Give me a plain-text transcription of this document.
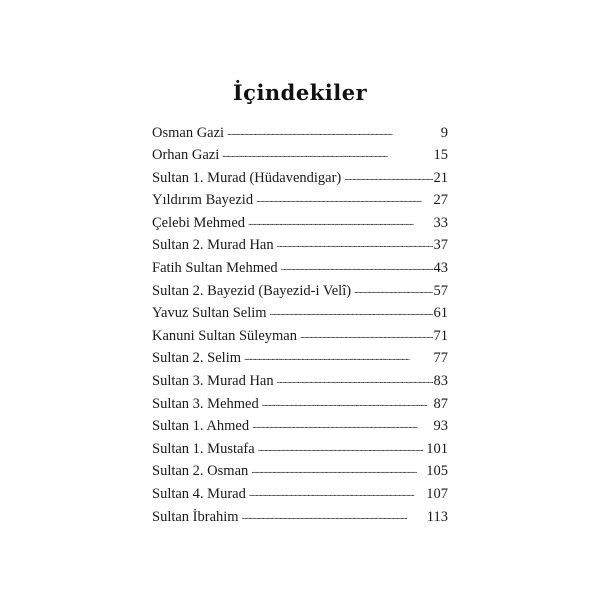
İçindekiler
Osman Gazi . . .	9
Orhan Gazi . . .	15
Sultan 1. Murad (Hüdavendigar) . . .	21
Yıldırım Bayezid . . .	27
Çelebi Mehmed . . .	33
Sultan 2. Murad Han . . .	37
Fatih Sultan Mehmed . . .	43
Sultan 2. Bayezid (Bayezid-i Velî) . . .	57
Yavuz Sultan Selim . . .	61
Kanuni Sultan Süleyman . . .	71
Sultan 2. Selim . . .	77
Sultan 3. Murad Han . . .	83
Sultan 3. Mehmed . . .	87
Sultan 1. Ahmed . . .	93
Sultan 1. Mustafa . . .	101
Sultan 2. Osman . . .	105
Sultan 4. Murad . . .	107
Sultan İbrahim . . .	113
